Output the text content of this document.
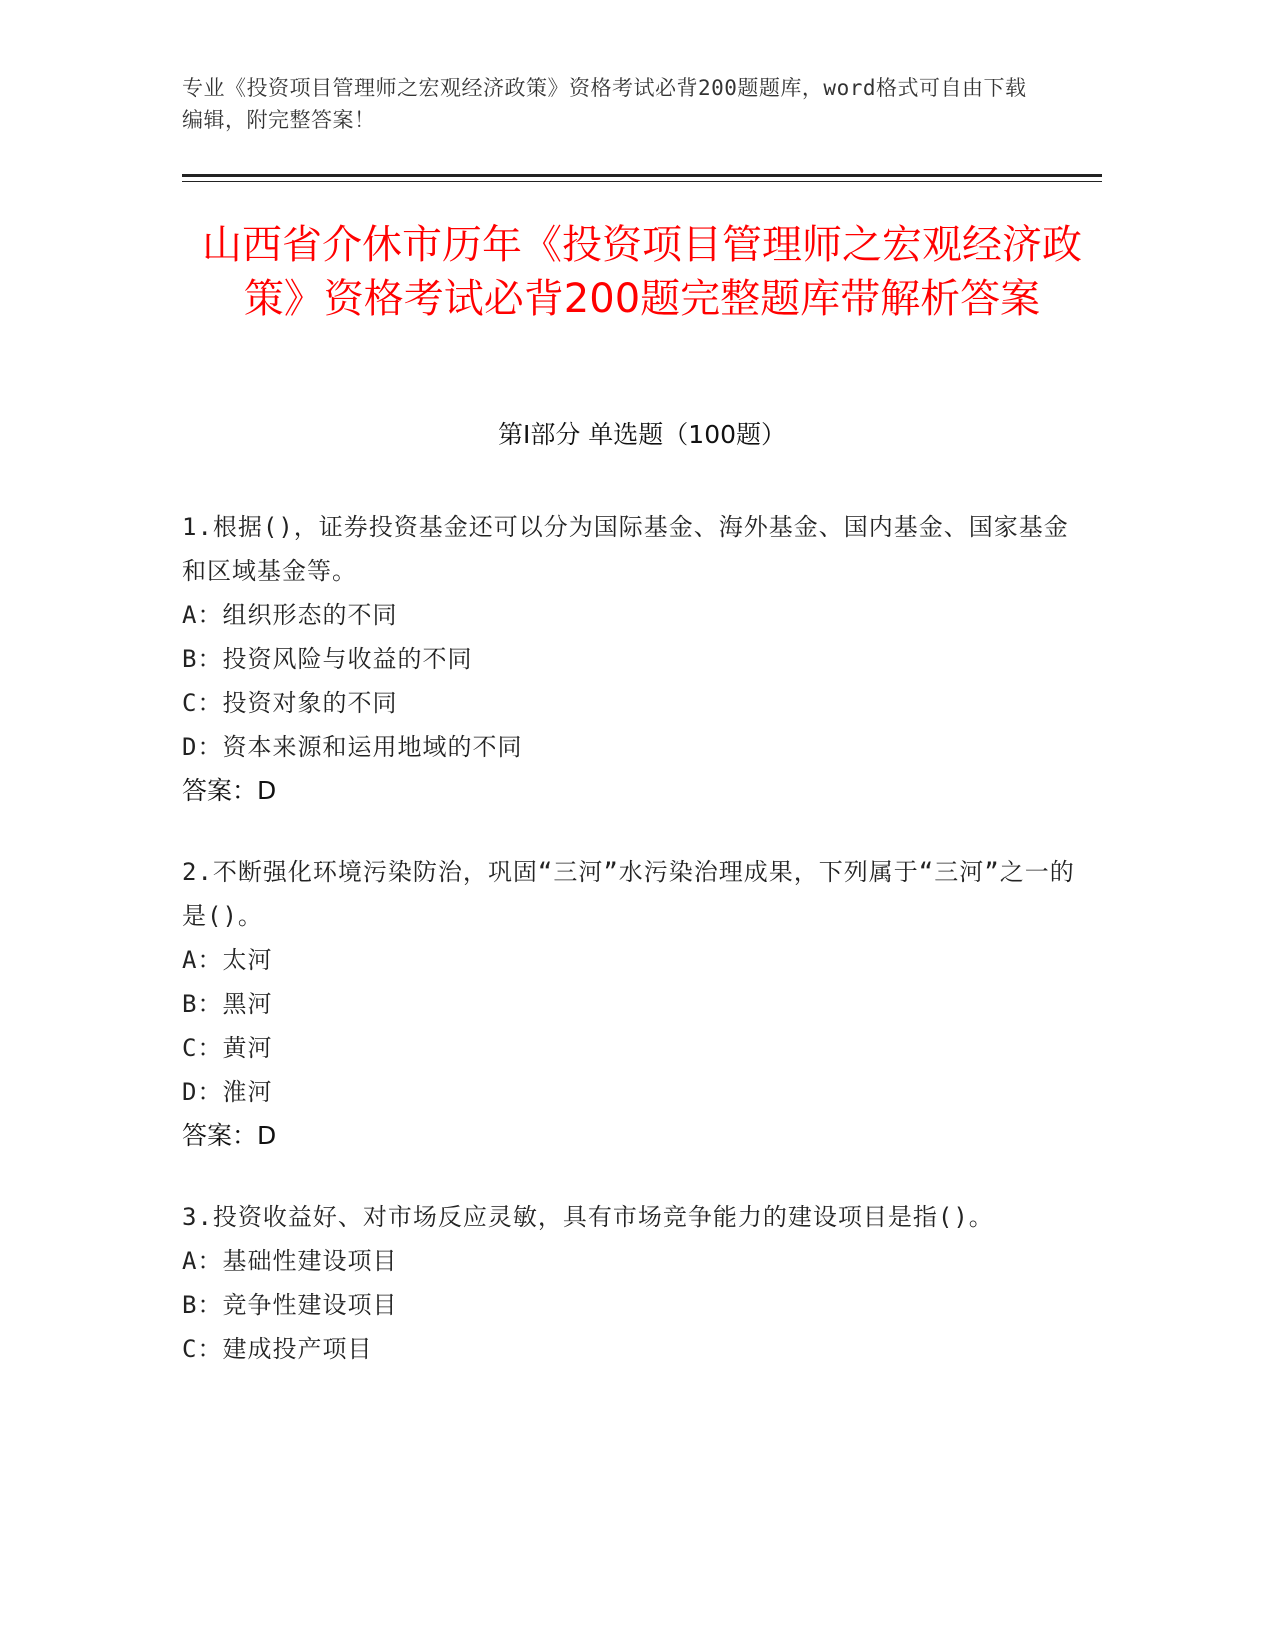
专业《投资项目管理师之宏观经济政策》资格考试必背200题题库，word格式可自由下载编辑，附完整答案！
山西省介休市历年《投资项目管理师之宏观经济政策》资格考试必背200题完整题库带解析答案
第Ⅰ部分 单选题（100题）
1.根据()，证券投资基金还可以分为国际基金、海外基金、国内基金、国家基金和区域基金等。
A：组织形态的不同
B：投资风险与收益的不同
C：投资对象的不同
D：资本来源和运用地域的不同
答案：D
2.不断强化环境污染防治，巩固“三河”水污染治理成果，下列属于“三河”之一的是()。
A：太河
B：黑河
C：黄河
D：淮河
答案：D
3.投资收益好、对市场反应灵敏，具有市场竞争能力的建设项目是指()。
A：基础性建设项目
B：竞争性建设项目
C：建成投产项目
